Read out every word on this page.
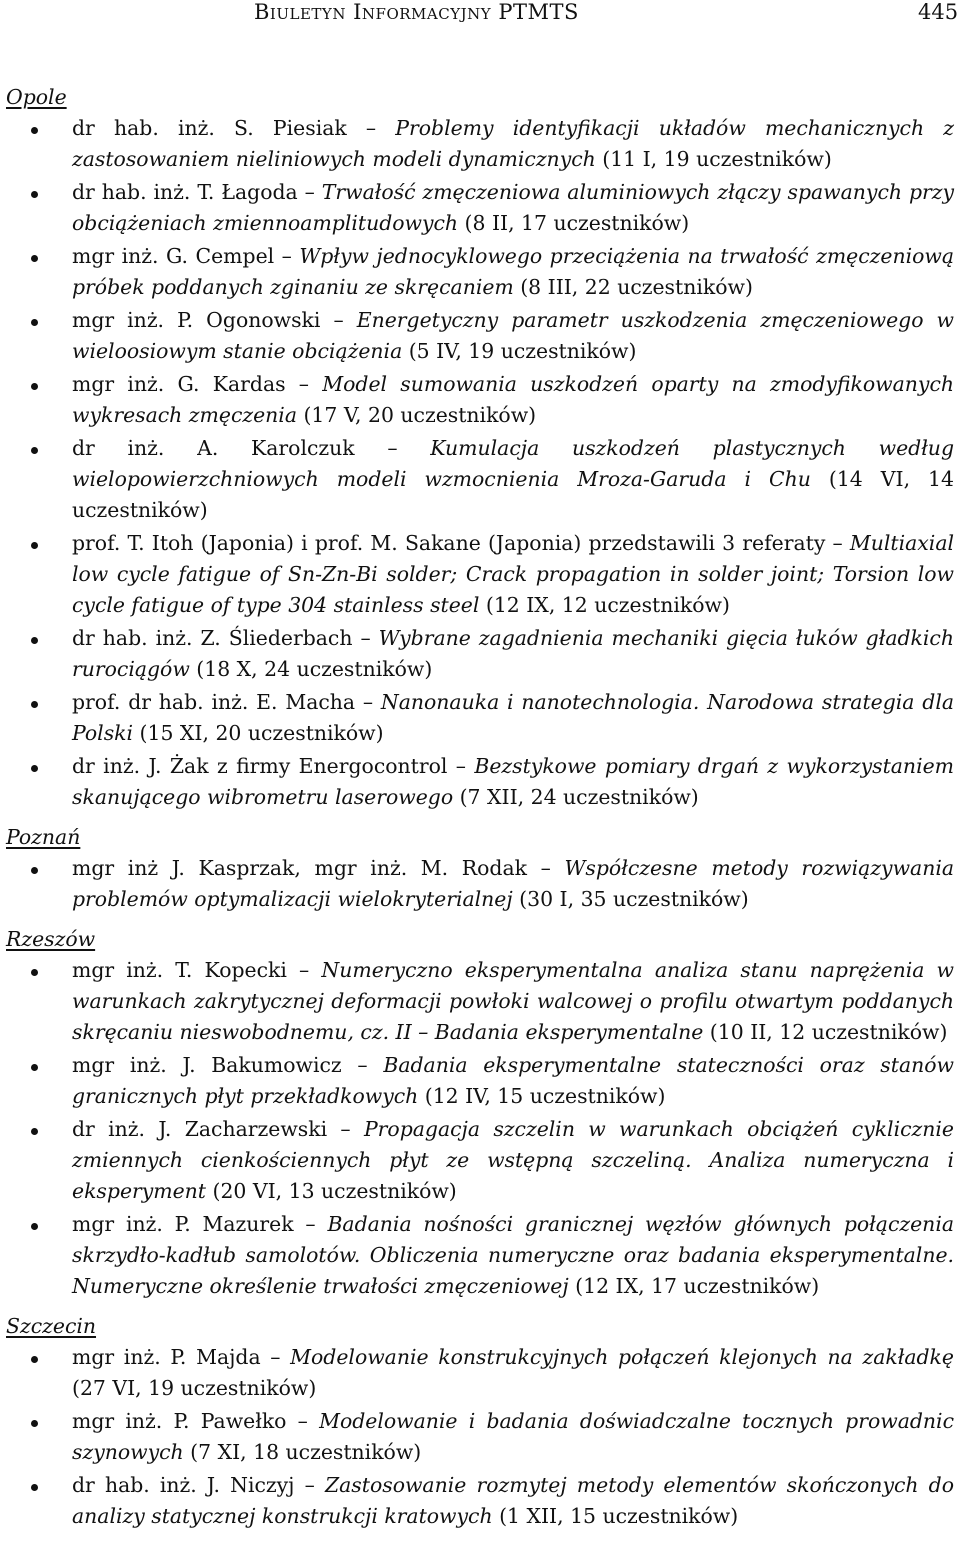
Biuletyn Informacyjny PTMTS	445
Opole
dr hab. inż. S. Piesiak – Problemy identyfikacji układów mechanicznych z zastosowaniem nieliniowych modeli dynamicznych (11 I, 19 uczestników)
dr hab. inż. T. Łagoda – Trwałość zmęczeniowa aluminiowych złączy spawanych przy obciążeniach zmiennoamplitudowych (8 II, 17 uczestników)
mgr inż. G. Cempel – Wpływ jednocyklowego przeciążenia na trwałość zmęczeniową próbek poddanych zginaniu ze skręcaniem (8 III, 22 uczestników)
mgr inż. P. Ogonowski – Energetyczny parametr uszkodzenia zmęczeniowego w wieloosiowym stanie obciążenia (5 IV, 19 uczestników)
mgr inż. G. Kardas – Model sumowania uszkodzeń oparty na zmodyfikowanych wykresach zmęczenia (17 V, 20 uczestników)
dr inż. A. Karolczuk – Kumulacja uszkodzeń plastycznych według wielopowierzchniowych modeli wzmocnienia Mroza-Garuda i Chu (14 VI, 14 uczestników)
prof. T. Itoh (Japonia) i prof. M. Sakane (Japonia) przedstawili 3 referaty – Multiaxial low cycle fatigue of Sn-Zn-Bi solder; Crack propagation in solder joint; Torsion low cycle fatigue of type 304 stainless steel (12 IX, 12 uczestników)
dr hab. inż. Z. Śliederbach – Wybrane zagadnienia mechaniki gięcia łuków gładkich rurociągów (18 X, 24 uczestników)
prof. dr hab. inż. E. Macha – Nanonauka i nanotechnologia. Narodowa strategia dla Polski (15 XI, 20 uczestników)
dr inż. J. Żak z firmy Energocontrol – Bezstykowe pomiary drgań z wykorzystaniem skanującego wibrometru laserowego (7 XII, 24 uczestników)
Poznań
mgr inż J. Kasprzak, mgr inż. M. Rodak – Współczesne metody rozwiązywania problemów optymalizacji wielokryterialnej (30 I, 35 uczestników)
Rzeszów
mgr inż. T. Kopecki – Numeryczno eksperymentalna analiza stanu naprężenia w warunkach zakrytycznej deformacji powłoki walcowej o profilu otwartym poddanych skręcaniu nieswobodnemu, cz. II – Badania eksperymentalne (10 II, 12 uczestników)
mgr inż. J. Bakumowicz – Badania eksperymentalne stateczności oraz stanów granicznych płyt przekładkowych (12 IV, 15 uczestników)
dr inż. J. Zacharzewski – Propagacja szczelin w warunkach obciążeń cyklicznie zmiennych cienkościennych płyt ze wstępną szczeliną. Analiza numeryczna i eksperyment (20 VI, 13 uczestników)
mgr inż. P. Mazurek – Badania nośności granicznej węzłów głównych połączenia skrzydło-kadłub samolotów. Obliczenia numeryczne oraz badania eksperymentalne. Numeryczne określenie trwałości zmęczeniowej (12 IX, 17 uczestników)
Szczecin
mgr inż. P. Majda – Modelowanie konstrukcyjnych połączeń klejonych na zakładkę (27 VI, 19 uczestników)
mgr inż. P. Pawełko – Modelowanie i badania doświadczalne tocznych prowadnic szynowych (7 XI, 18 uczestników)
dr hab. inż. J. Niczyj – Zastosowanie rozmytej metody elementów skończonych do analizy statycznej konstrukcji kratowych (1 XII, 15 uczestników)
